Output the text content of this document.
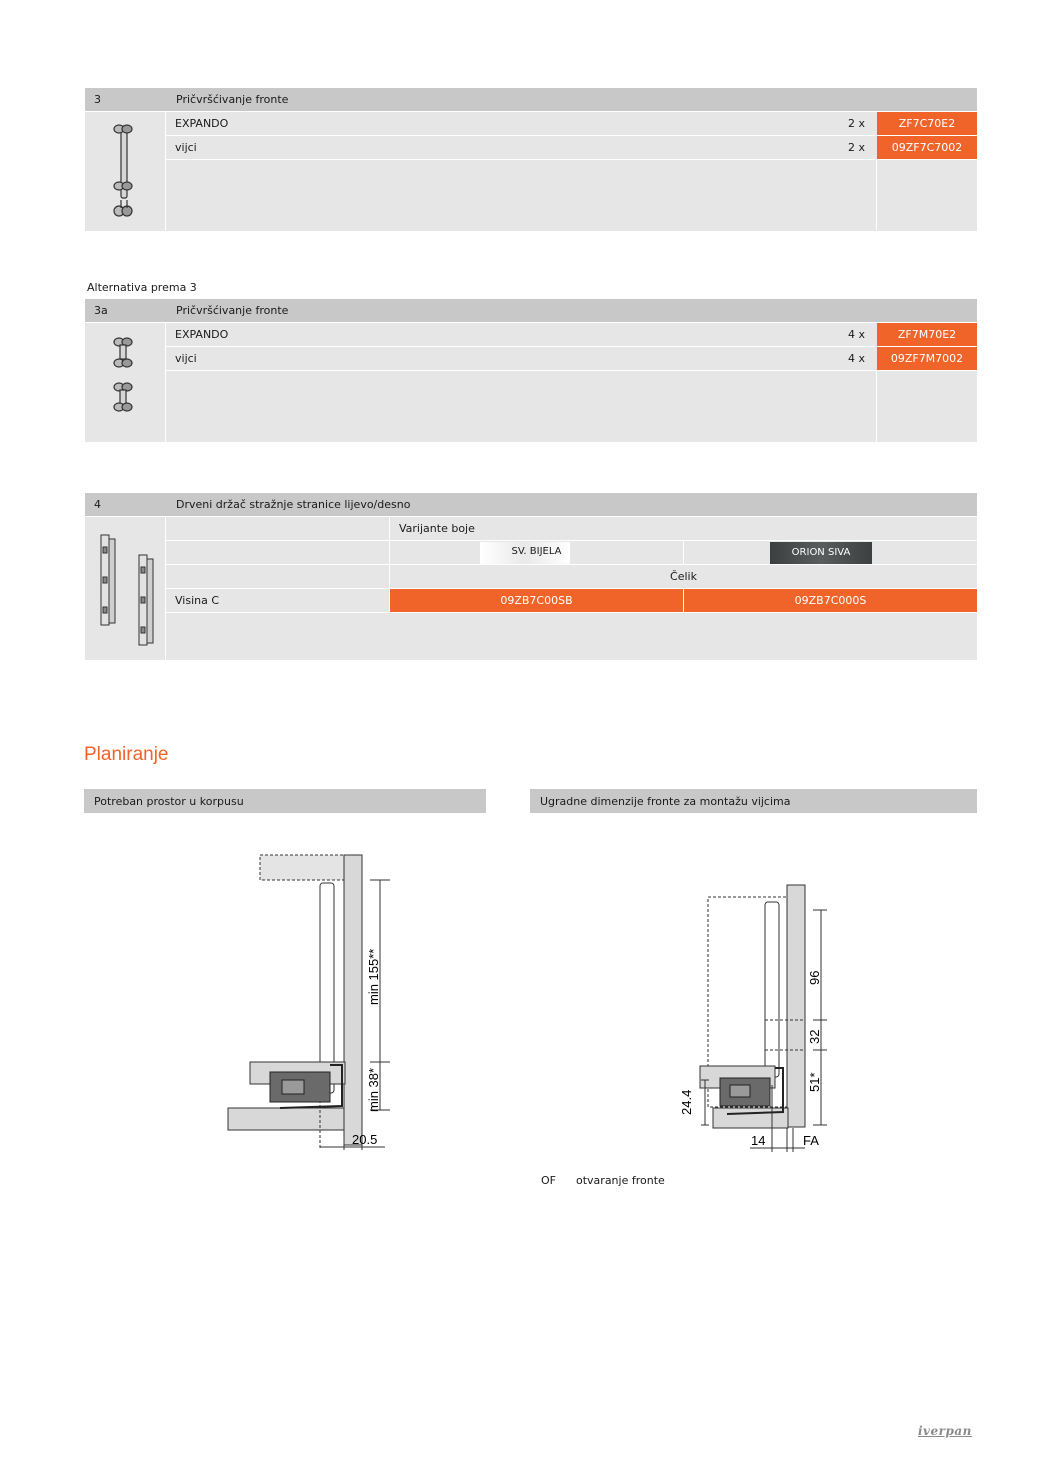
3	Pričvršćivanje fronte
EXPANDO	2 x	ZF7C70E2
vijci	2 x	09ZF7C7002
Alternativa prema 3
3a	Pričvršćivanje fronte
EXPANDO	4 x	ZF7M70E2
vijci	4 x	09ZF7M7002
4	Drveni držač stražnje stranice lijevo/desno
Varijante boje
SV. BIJELA	ORION SIVA
Čelik
Visina C	09ZB7C00SB	09ZB7C000S
Planiranje
Potreban prostor u korpusu	Ugradne dimenzije fronte za montažu vijcima
min 155**
min 38*
20.5
96
32
51*
24.4
14	FA
OF otvaranje fronte
iverpan
